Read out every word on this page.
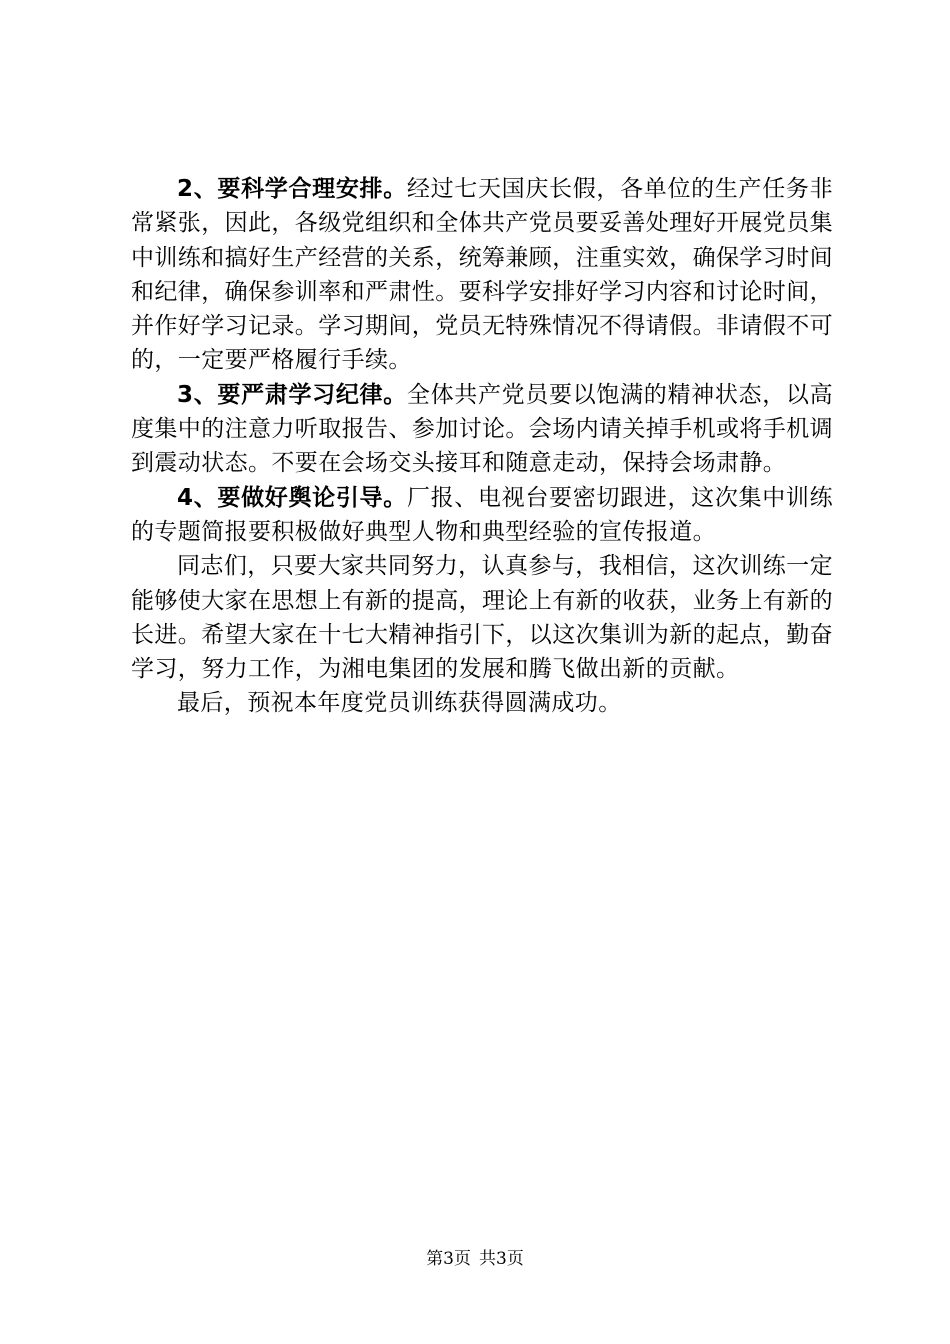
2、要科学合理安排。经过七天国庆长假，各单位的生产任务非常紧张，因此，各级党组织和全体共产党员要妥善处理好开展党员集中训练和搞好生产经营的关系，统筹兼顾，注重实效，确保学习时间和纪律，确保参训率和严肃性。要科学安排好学习内容和讨论时间，并作好学习记录。学习期间，党员无特殊情况不得请假。非请假不可的，一定要严格履行手续。

3、要严肃学习纪律。全体共产党员要以饱满的精神状态，以高度集中的注意力听取报告、参加讨论。会场内请关掉手机或将手机调到震动状态。不要在会场交头接耳和随意走动，保持会场肃静。

4、要做好舆论引导。厂报、电视台要密切跟进，这次集中训练的专题简报要积极做好典型人物和典型经验的宣传报道。

同志们，只要大家共同努力，认真参与，我相信，这次训练一定能够使大家在思想上有新的提高，理论上有新的收获，业务上有新的长进。希望大家在十七大精神指引下，以这次集训为新的起点，勤奋学习，努力工作，为湘电集团的发展和腾飞做出新的贡献。

最后，预祝本年度党员训练获得圆满成功。

第3页 共3页
